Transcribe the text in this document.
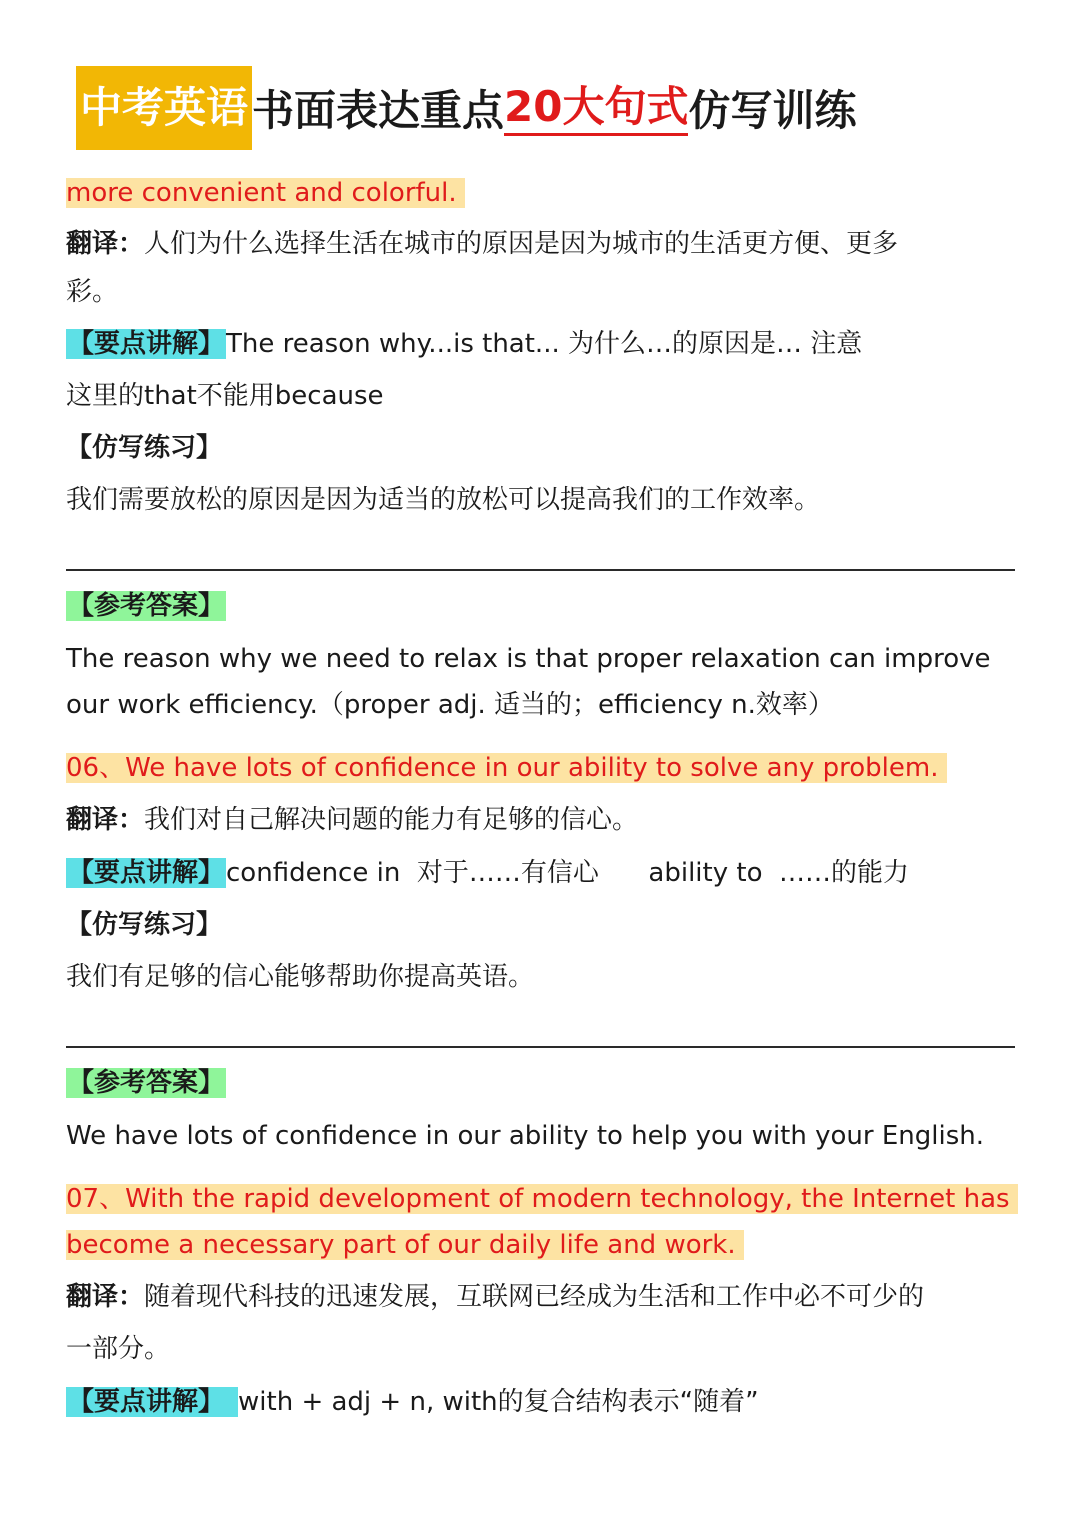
中考英语 书面表达重点 20大句式 仿写训练
more convenient and colorful.
翻译：人们为什么选择生活在城市的原因是因为城市的生活更方便、更多
彩。
【要点讲解】The reason why...is that... 为什么…的原因是… 注意
这里的that不能用because
【仿写练习】
我们需要放松的原因是因为适当的放松可以提高我们的工作效率。
【参考答案】
The reason why we need to relax is that proper relaxation can improve
our work efficiency.（proper adj. 适当的；efficiency n.效率）
06、We have lots of confidence in our ability to solve any problem.
翻译：我们对自己解决问题的能力有足够的信心。
【要点讲解】confidence in  对于……有信心      ability to  ……的能力
【仿写练习】
我们有足够的信心能够帮助你提高英语。
【参考答案】
We have lots of confidence in our ability to help you with your English.
07、With the rapid development of modern technology, the Internet has
become a necessary part of our daily life and work.
翻译：随着现代科技的迅速发展，互联网已经成为生活和工作中必不可少的
一部分。
【要点讲解】 with + adj + n, with的复合结构表示“随着”
